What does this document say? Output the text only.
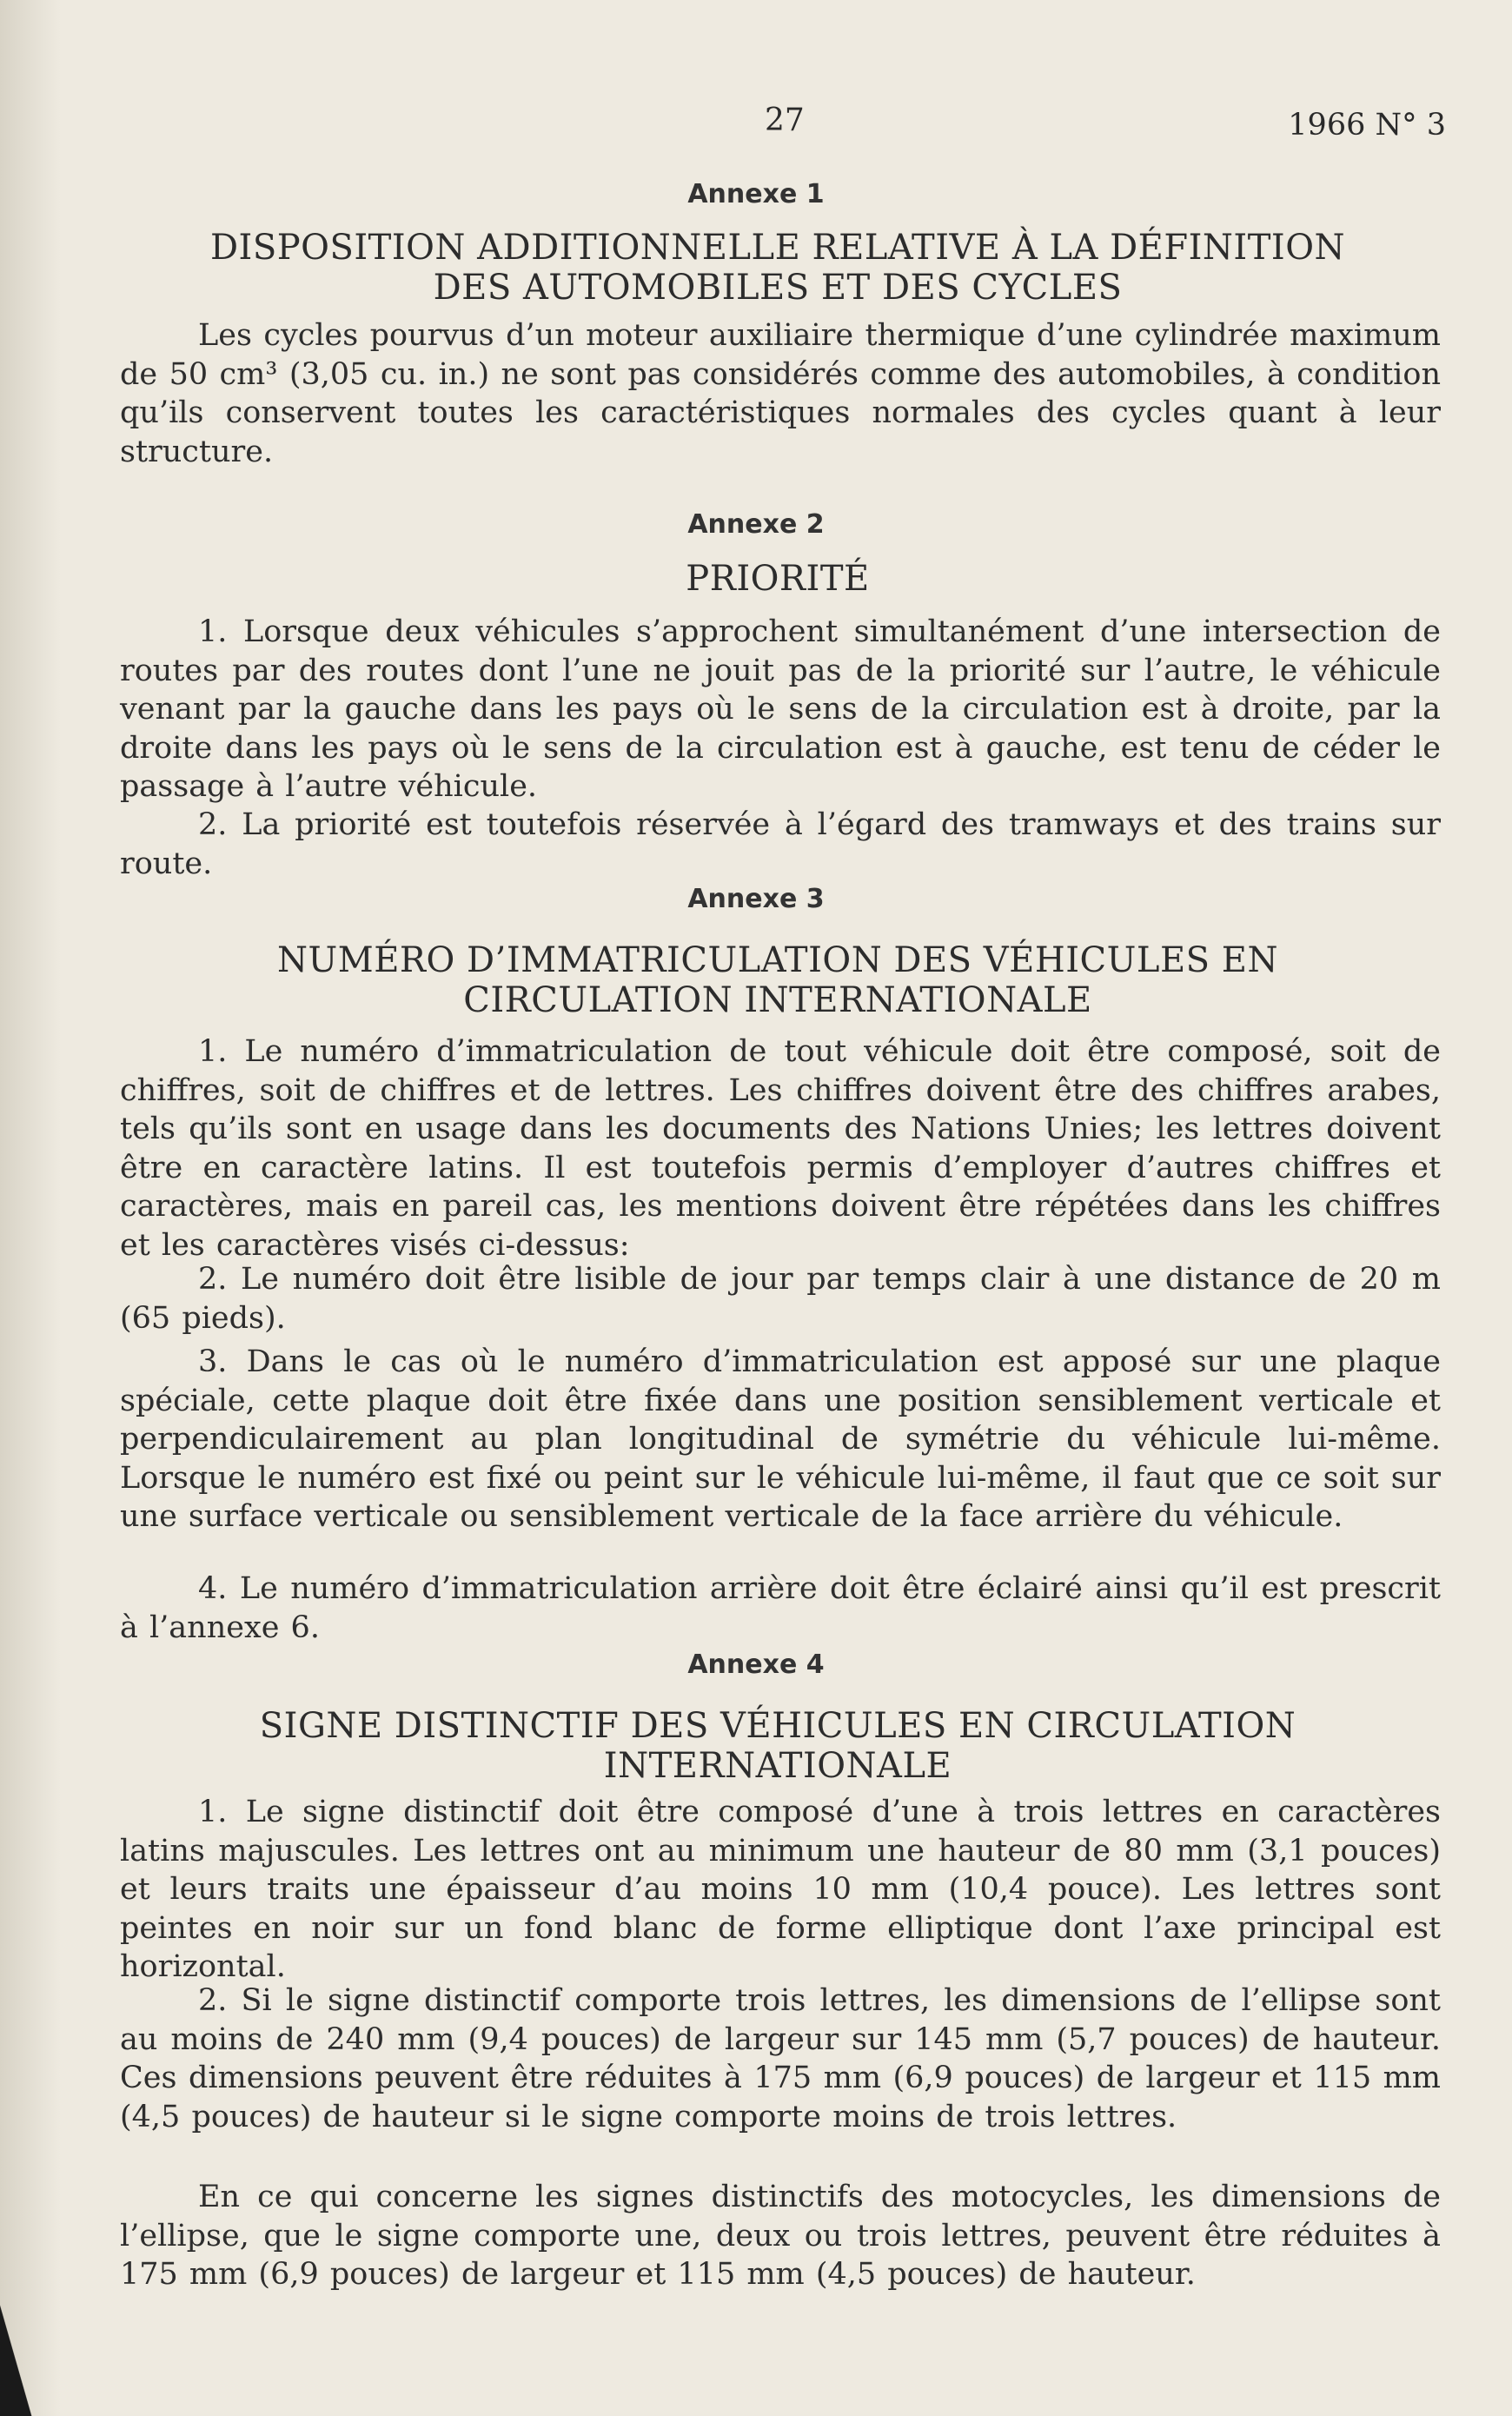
27	1966 N° 3
Annexe 1
DISPOSITION ADDITIONNELLE RELATIVE À LA DÉFINITION DES AUTOMOBILES ET DES CYCLES
Les cycles pourvus d’un moteur auxiliaire thermique d’une cylindrée maximum de 50 cm³ (3,05 cu. in.) ne sont pas considérés comme des automobiles, à condition qu’ils conservent toutes les caractéristiques normales des cycles quant à leur structure.
Annexe 2
PRIORITÉ
1. Lorsque deux véhicules s’approchent simultanément d’une intersection de routes par des routes dont l’une ne jouit pas de la priorité sur l’autre, le véhicule venant par la gauche dans les pays où le sens de la circulation est à droite, par la droite dans les pays où le sens de la circulation est à gauche, est tenu de céder le passage à l’autre véhicule.
2. La priorité est toutefois réservée à l’égard des tramways et des trains sur route.
Annexe 3
NUMÉRO D’IMMATRICULATION DES VÉHICULES EN CIRCULATION INTERNATIONALE
1. Le numéro d’immatriculation de tout véhicule doit être composé, soit de chiffres, soit de chiffres et de lettres. Les chiffres doivent être des chiffres arabes, tels qu’ils sont en usage dans les documents des Nations Unies; les lettres doivent être en caractère latins. Il est toutefois permis d’employer d’autres chiffres et caractères, mais en pareil cas, les mentions doivent être répétées dans les chiffres et les caractères visés ci-dessus:
2. Le numéro doit être lisible de jour par temps clair à une distance de 20 m (65 pieds).
3. Dans le cas où le numéro d’immatriculation est apposé sur une plaque spéciale, cette plaque doit être fixée dans une position sensiblement verticale et perpendiculairement au plan longitudinal de symétrie du véhicule lui-même. Lorsque le numéro est fixé ou peint sur le véhicule lui-même, il faut que ce soit sur une surface verticale ou sensiblement verticale de la face arrière du véhicule.
4. Le numéro d’immatriculation arrière doit être éclairé ainsi qu’il est prescrit à l’annexe 6.
Annexe 4
SIGNE DISTINCTIF DES VÉHICULES EN CIRCULATION INTERNATIONALE
1. Le signe distinctif doit être composé d’une à trois lettres en caractères latins majuscules. Les lettres ont au minimum une hauteur de 80 mm (3,1 pouces) et leurs traits une épaisseur d’au moins 10 mm (10,4 pouce). Les lettres sont peintes en noir sur un fond blanc de forme elliptique dont l’axe principal est horizontal.
2. Si le signe distinctif comporte trois lettres, les dimensions de l’ellipse sont au moins de 240 mm (9,4 pouces) de largeur sur 145 mm (5,7 pouces) de hauteur. Ces dimensions peuvent être réduites à 175 mm (6,9 pouces) de largeur et 115 mm (4,5 pouces) de hauteur si le signe comporte moins de trois lettres.
En ce qui concerne les signes distinctifs des motocycles, les dimensions de l’ellipse, que le signe comporte une, deux ou trois lettres, peuvent être réduites à 175 mm (6,9 pouces) de largeur et 115 mm (4,5 pouces) de hauteur.
